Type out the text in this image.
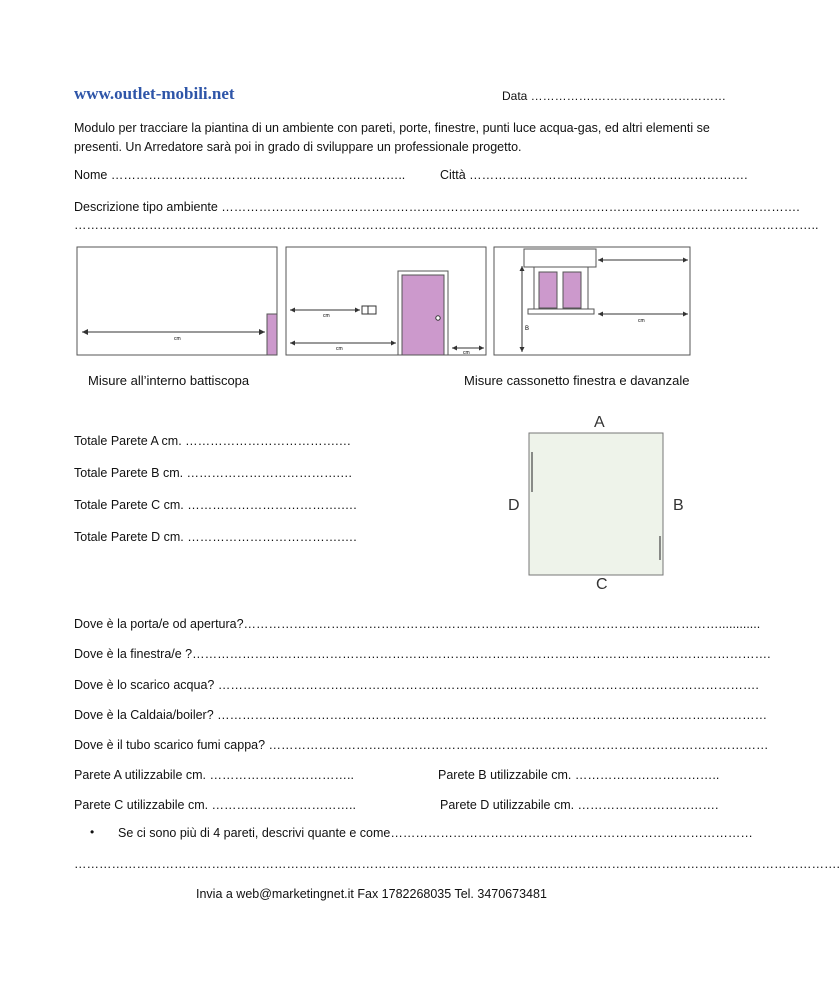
www.outlet-mobili.net	Data …………….……………………………
Modulo per tracciare la piantina di un ambiente con pareti, porte, finestre, punti luce acqua-gas, ed altri elementi se presenti. Un Arredatore sarà poi in grado di sviluppare un professionale progetto.
Nome ……………………………………………………………..	Città ………………………………………………………….
Descrizione tipo ambiente ………………………………………………………………………………………………………………………….
……………………………………………………………………………………………………………………………………………………………..
cm
cm
cm
cm
cm
B
Misure all’interno battiscopa	Misure cassonetto finestra e davanzale
Totale Parete A cm. ……………………………….…
Totale Parete B cm. ……………………………….…
Totale Parete C cm. ……………………………….….
Totale Parete D cm. ……………………………….….
A
B
C
D
Dove è la porta/e od apertura?……………………………………………………………………………………………………............
Dove è la finestra/e ?………………………………………………………………………………………………………………………….
Dove è lo scarico acqua? ………………………………………………………………………………………………………………….
Dove è la Caldaia/boiler? ……………………………………………………………………………………………………………………
Dove è il tubo scarico fumi cappa? …………………………………………………………………………………………………………
Parete A utilizzabile cm. ……………………………..	Parete B utilizzabile cm. ……………………………..
Parete C utilizzabile cm. ……………………………..	Parete D utilizzabile cm. …………………………….
• Se ci sono più di 4 pareti, descrivi quante e come……………………………………………………………………………
………………………………………………………………………………………………………………………………………………………………….
Invia a web@marketingnet.it Fax 1782268035 Tel. 3470673481
